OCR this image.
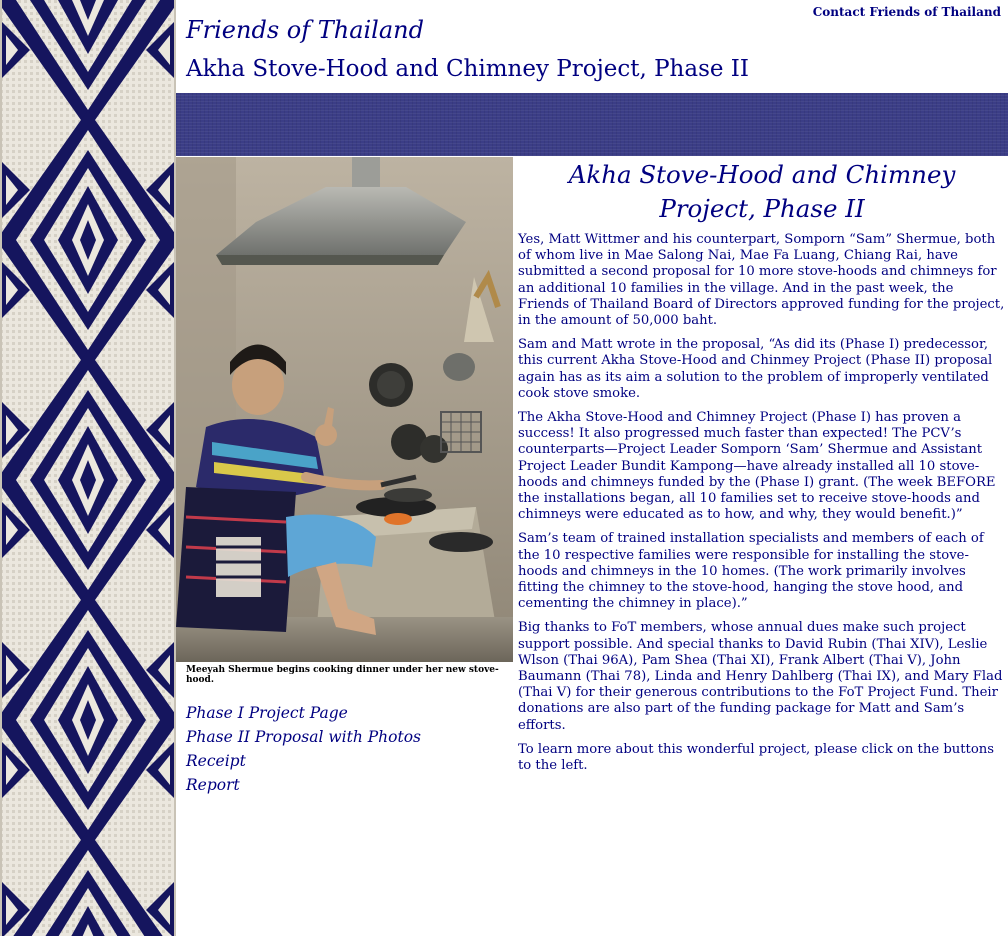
Contact Friends of Thailand
Friends of Thailand
Akha Stove-Hood and Chimney Project, Phase II
Meeyah Shermue begins cooking dinner under her new stove-hood.
Phase I Project Page
Phase II Proposal with Photos
Receipt
Report
Akha Stove-Hood and Chimney Project, Phase II

Yes, Matt Wittmer and his counterpart, Somporn “Sam” Shermue, both of whom live in Mae Salong Nai, Mae Fa Luang, Chiang Rai, have submitted a second proposal for 10 more stove-hoods and chimneys for an additional 10 families in the village. And in the past week, the Friends of Thailand Board of Directors approved funding for the project, in the amount of 50,000 baht.

Sam and Matt wrote in the proposal, “As did its (Phase I) predecessor, this current Akha Stove-Hood and Chinmey Project (Phase II) proposal again has as its aim a solution to the problem of improperly ventilated cook stove smoke.

The Akha Stove-Hood and Chimney Project (Phase I) has proven a success! It also progressed much faster than expected! The PCV’s counterparts—Project Leader Somporn ‘Sam’ Shermue and Assistant Project Leader Bundit Kampong—have already installed all 10 stove-hoods and chimneys funded by the (Phase I) grant. (The week BEFORE the installations began, all 10 families set to receive stove-hoods and chimneys were educated as to how, and why, they would benefit.)”

Sam’s team of trained installation specialists and members of each of the 10 respective families were responsible for installing the stove-hoods and chimneys in the 10 homes. (The work primarily involves fitting the chimney to the stove-hood, hanging the stove hood, and cementing the chimney in place).”

Big thanks to FoT members, whose annual dues make such project support possible. And special thanks to David Rubin (Thai XIV), Leslie Wlson (Thai 96A), Pam Shea (Thai XI), Frank Albert (Thai V), John Baumann (Thai 78), Linda and Henry Dahlberg (Thai IX), and Mary Flad (Thai V) for their generous contributions to the FoT Project Fund. Their donations are also part of the funding package for Matt and Sam’s efforts.

To learn more about this wonderful project, please click on the buttons to the left.
